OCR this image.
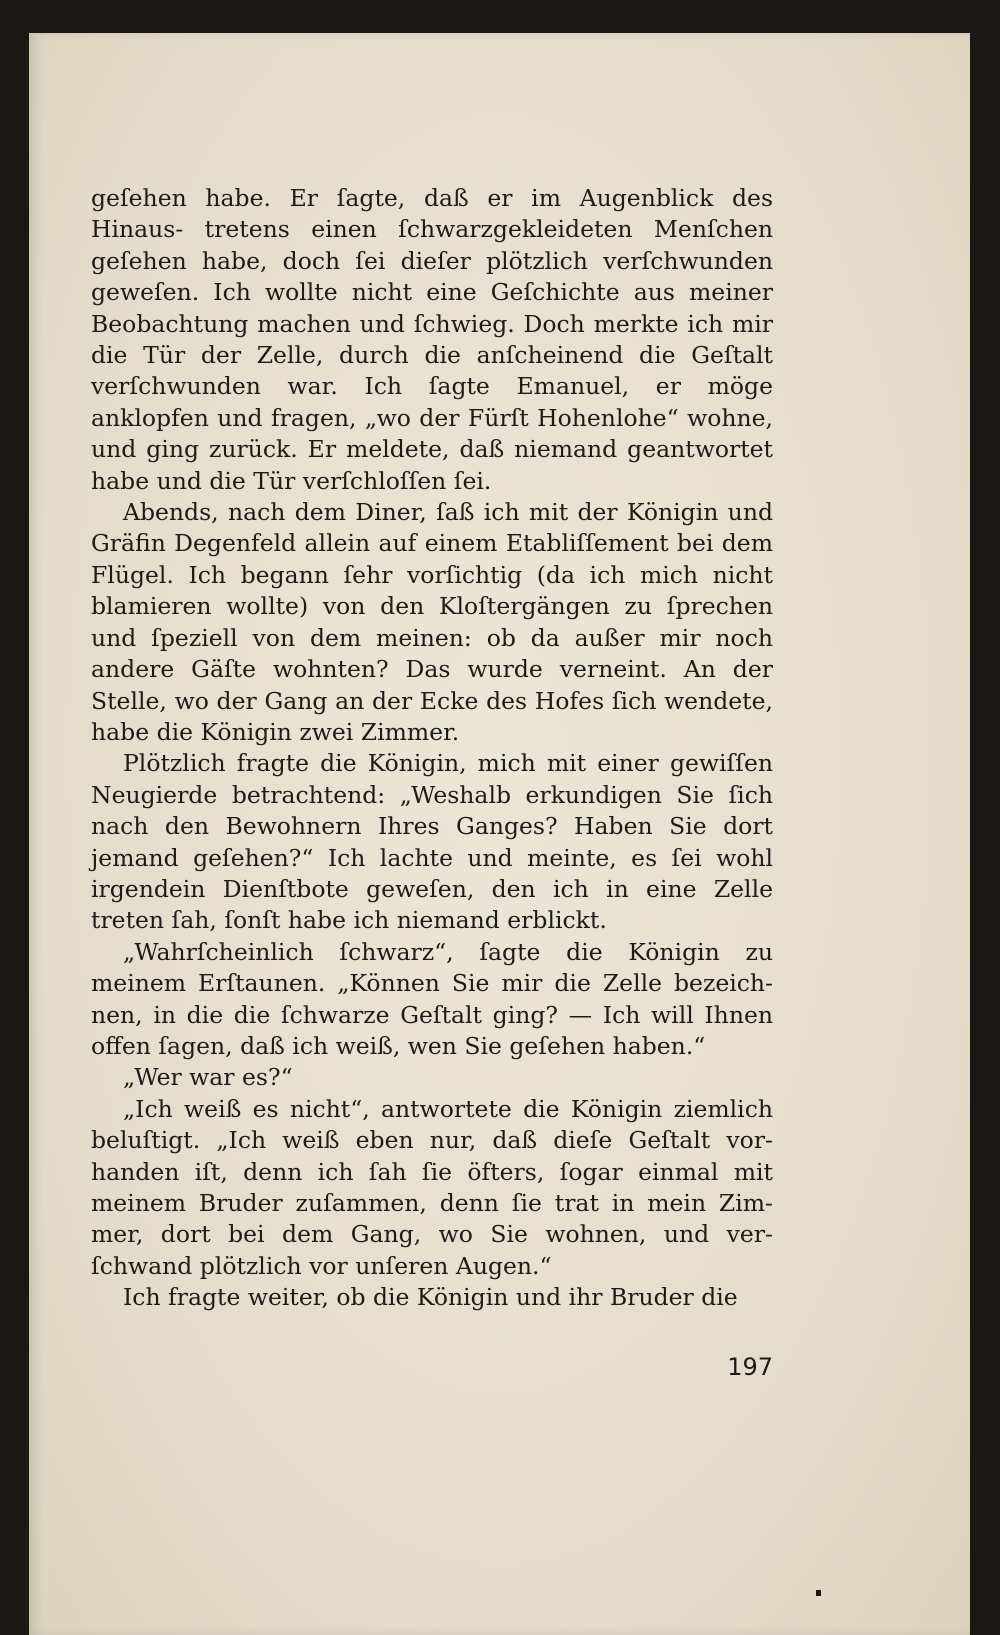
geſehen habe. Er ſagte, daß er im Augenblick des Hinaus- tretens einen ſchwarzgekleideten Menſchen geſehen habe, doch ſei dieſer plötzlich verſchwunden geweſen. Ich wollte nicht eine Geſchichte aus meiner Beobachtung machen und ſchwieg. Doch merkte ich mir die Tür der Zelle, durch die anſcheinend die Geſtalt verſchwunden war. Ich ſagte Emanuel, er möge anklopfen und fragen, „wo der Fürſt Hohenlohe“ wohne, und ging zurück. Er meldete, daß niemand geantwortet habe und die Tür verſchloſſen ſei.

Abends, nach dem Diner, ſaß ich mit der Königin und Gräfin Degenfeld allein auf einem Etabliſſement bei dem Flügel. Ich begann ſehr vorſichtig (da ich mich nicht blamieren wollte) von den Kloſtergängen zu ſprechen und ſpeziell von dem meinen: ob da außer mir noch andere Gäſte wohnten? Das wurde verneint. An der Stelle, wo der Gang an der Ecke des Hofes ſich wendete, habe die Königin zwei Zimmer.

Plötzlich fragte die Königin, mich mit einer gewiſſen Neugierde betrachtend: „Weshalb erkundigen Sie ſich nach den Bewohnern Ihres Ganges? Haben Sie dort jemand geſehen?“ Ich lachte und meinte, es ſei wohl irgendein Dienſtbote geweſen, den ich in eine Zelle treten ſah, ſonſt habe ich niemand erblickt.

„Wahrſcheinlich ſchwarz“, ſagte die Königin zu meinem Erſtaunen. „Können Sie mir die Zelle bezeich- nen, in die die ſchwarze Geſtalt ging? — Ich will Ihnen offen ſagen, daß ich weiß, wen Sie geſehen haben.“

„Wer war es?“

„Ich weiß es nicht“, antwortete die Königin ziemlich beluſtigt. „Ich weiß eben nur, daß dieſe Geſtalt vor- handen iſt, denn ich ſah ſie öfters, ſogar einmal mit meinem Bruder zuſammen, denn ſie trat in mein Zim- mer, dort bei dem Gang, wo Sie wohnen, und ver- ſchwand plötzlich vor unſeren Augen.“

Ich fragte weiter, ob die Königin und ihr Bruder die

197
